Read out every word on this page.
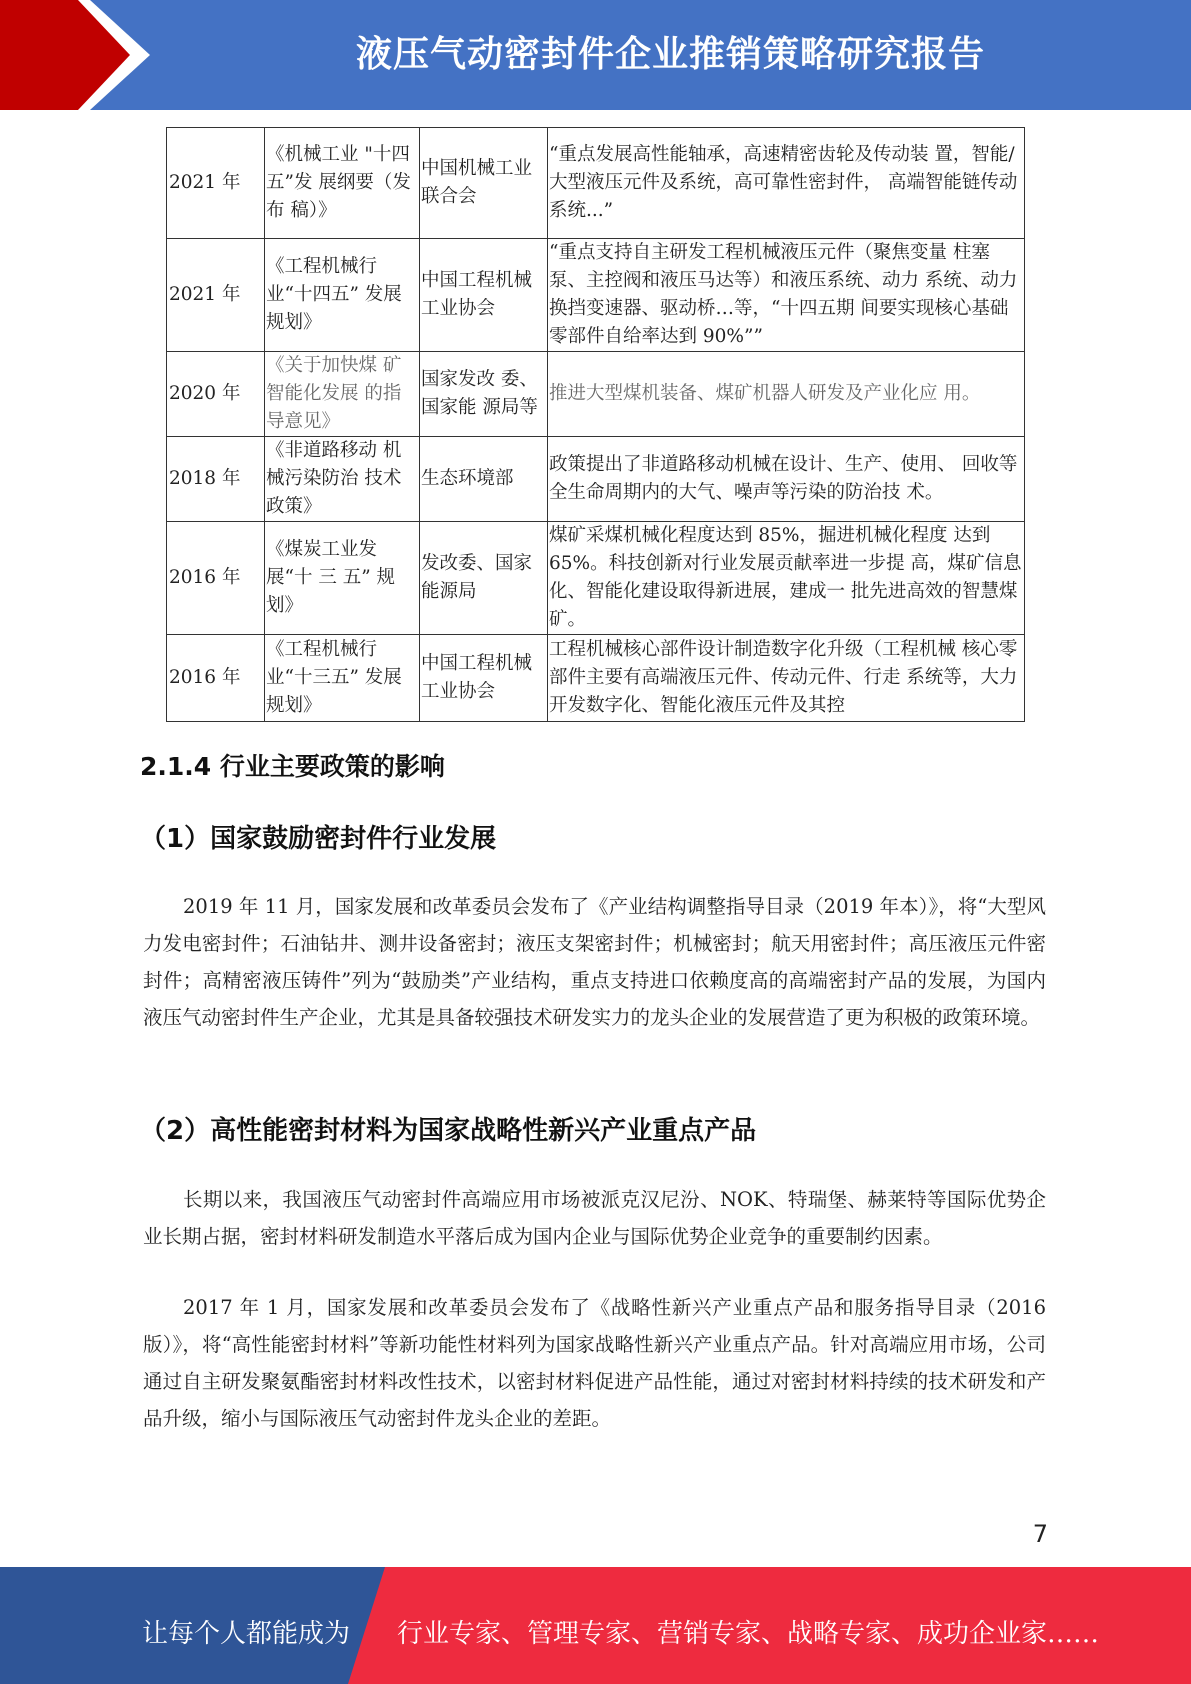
液压气动密封件企业推销策略研究报告
2021 年	《机械工业 "十四五”发 展纲要（发布 稿）》	中国机械工业联合会	“重点发展高性能轴承，高速精密齿轮及传动装 置，智能/大型液压元件及系统，高可靠性密封件， 高端智能链传动系统...”
2021 年	《工程机械行 业“十四五” 发展规划》	中国工程机械工业协会	“重点支持自主研发工程机械液压元件（聚焦变量 柱塞泵、主控阀和液压马达等）和液压系统、动力 系统、动力换挡变速器、驱动桥…等，“十四五期 间要实现核心基础零部件自给率达到 90%””
2020 年	《关于加快煤 矿智能化发展 的指导意见》	国家发改 委、国家能 源局等	推进大型煤机装备、煤矿机器人研发及产业化应 用。
2018 年	《非道路移动 机械污染防治 技术政策》	生态环境部	政策提出了非道路移动机械在设计、生产、使用、 回收等全生命周期内的大气、噪声等污染的防治技 术。
2016 年	《煤炭工业发 展“十 三 五” 规划》	发改委、国家能源局	煤矿采煤机械化程度达到 85%，掘进机械化程度 达到 65%。科技创新对行业发展贡献率进一步提 高，煤矿信息化、智能化建设取得新进展，建成一 批先进高效的智慧煤矿。
2016 年	《工程机械行 业“十三五” 发展规划》	中国工程机械工业协会	工程机械核心部件设计制造数字化升级（工程机械 核心零部件主要有高端液压元件、传动元件、行走 系统等，大力开发数字化、智能化液压元件及其控
2.1.4 行业主要政策的影响
（1）国家鼓励密封件行业发展
2019 年 11 月，国家发展和改革委员会发布了《产业结构调整指导目录（2019 年本）》，将“大型风力发电密封件；石油钻井、测井设备密封；液压支架密封件；机械密封；航天用密封件；高压液压元件密封件；高精密液压铸件”列为“鼓励类”产业结构，重点支持进口依赖度高的高端密封产品的发展，为国内液压气动密封件生产企业，尤其是具备较强技术研发实力的龙头企业的发展营造了更为积极的政策环境。
（2）高性能密封材料为国家战略性新兴产业重点产品
长期以来，我国液压气动密封件高端应用市场被派克汉尼汾、NOK、特瑞堡、赫莱特等国际优势企业长期占据，密封材料研发制造水平落后成为国内企业与国际优势企业竞争的重要制约因素。
2017 年 1 月，国家发展和改革委员会发布了《战略性新兴产业重点产品和服务指导目录（2016 版）》，将“高性能密封材料”等新功能性材料列为国家战略性新兴产业重点产品。针对高端应用市场，公司通过自主研发聚氨酯密封材料改性技术，以密封材料促进产品性能，通过对密封材料持续的技术研发和产品升级，缩小与国际液压气动密封件龙头企业的差距。
7
让每个人都能成为 行业专家、管理专家、营销专家、战略专家、成功企业家……
